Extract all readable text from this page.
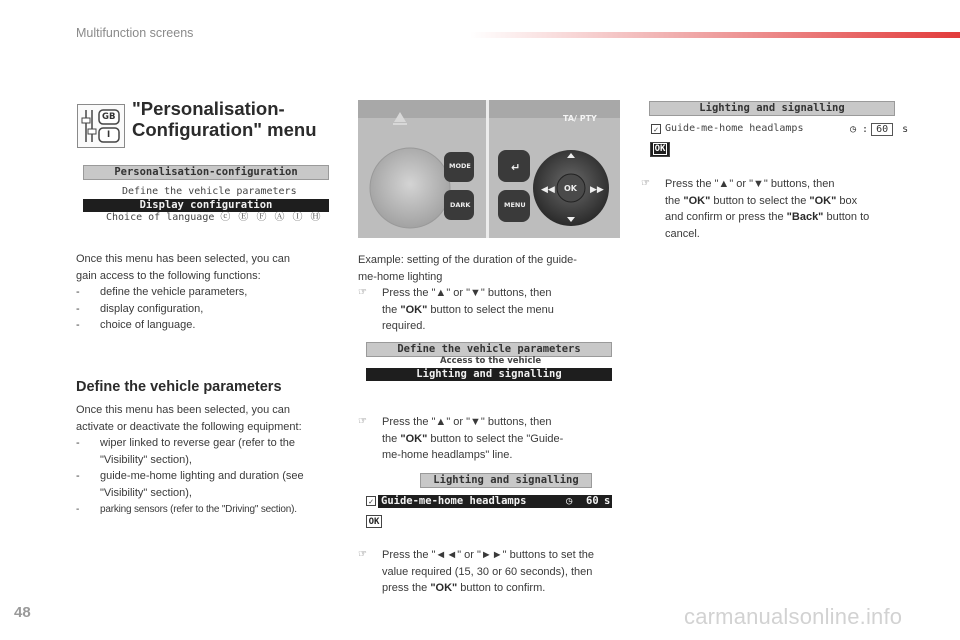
Multifunction screens
GB
I
"Personalisation-
Configuration" menu
Personalisation-configuration
Define the vehicle parameters
Display configuration
Choice of language ⓒ Ⓔ Ⓕ Ⓐ Ⓘ Ⓗ

Once this menu has been selected, you can

gain access to the following functions:

- define the vehicle parameters,

- display configuration,

- choice of language.

Define the vehicle parameters

Once this menu has been selected, you can

activate or deactivate the following equipment:

- wiper linked to reverse gear (refer to the

"Visibility" section),

- guide-me-home lighting and duration (see

"Visibility" section),

- parking sensors (refer to the "Driving" section).

↵
◀◀	▶▶
TA/ PTY
MODE
DARK	MENU
OK

Example: setting of the duration of the guide-

me-home lighting

☞ Press the "▲" or "▼" buttons, then

the "OK" button to select the menu

required.

Define the vehicle parameters
Access to the vehicle
Lighting and signalling
☞ Press the "▲" or "▼" buttons, then

the "OK" button to select the "Guide-

me-home headlamps" line.

Lighting and signalling
✓ Guide-me-home headlamps	◷ 60 s
OK
☞ Press the "◄◄" or "►►" buttons to set the

value required (15, 30 or 60 seconds), then

press the "OK" button to confirm.

Lighting and signalling
✓ Guide-me-home headlamps	◷ : 60 s
OK
☞ Press the "▲" or "▼" buttons, then

the "OK" button to select the "OK" box

and confirm or press the "Back" button to

cancel.

48	carmanualsonline.info
